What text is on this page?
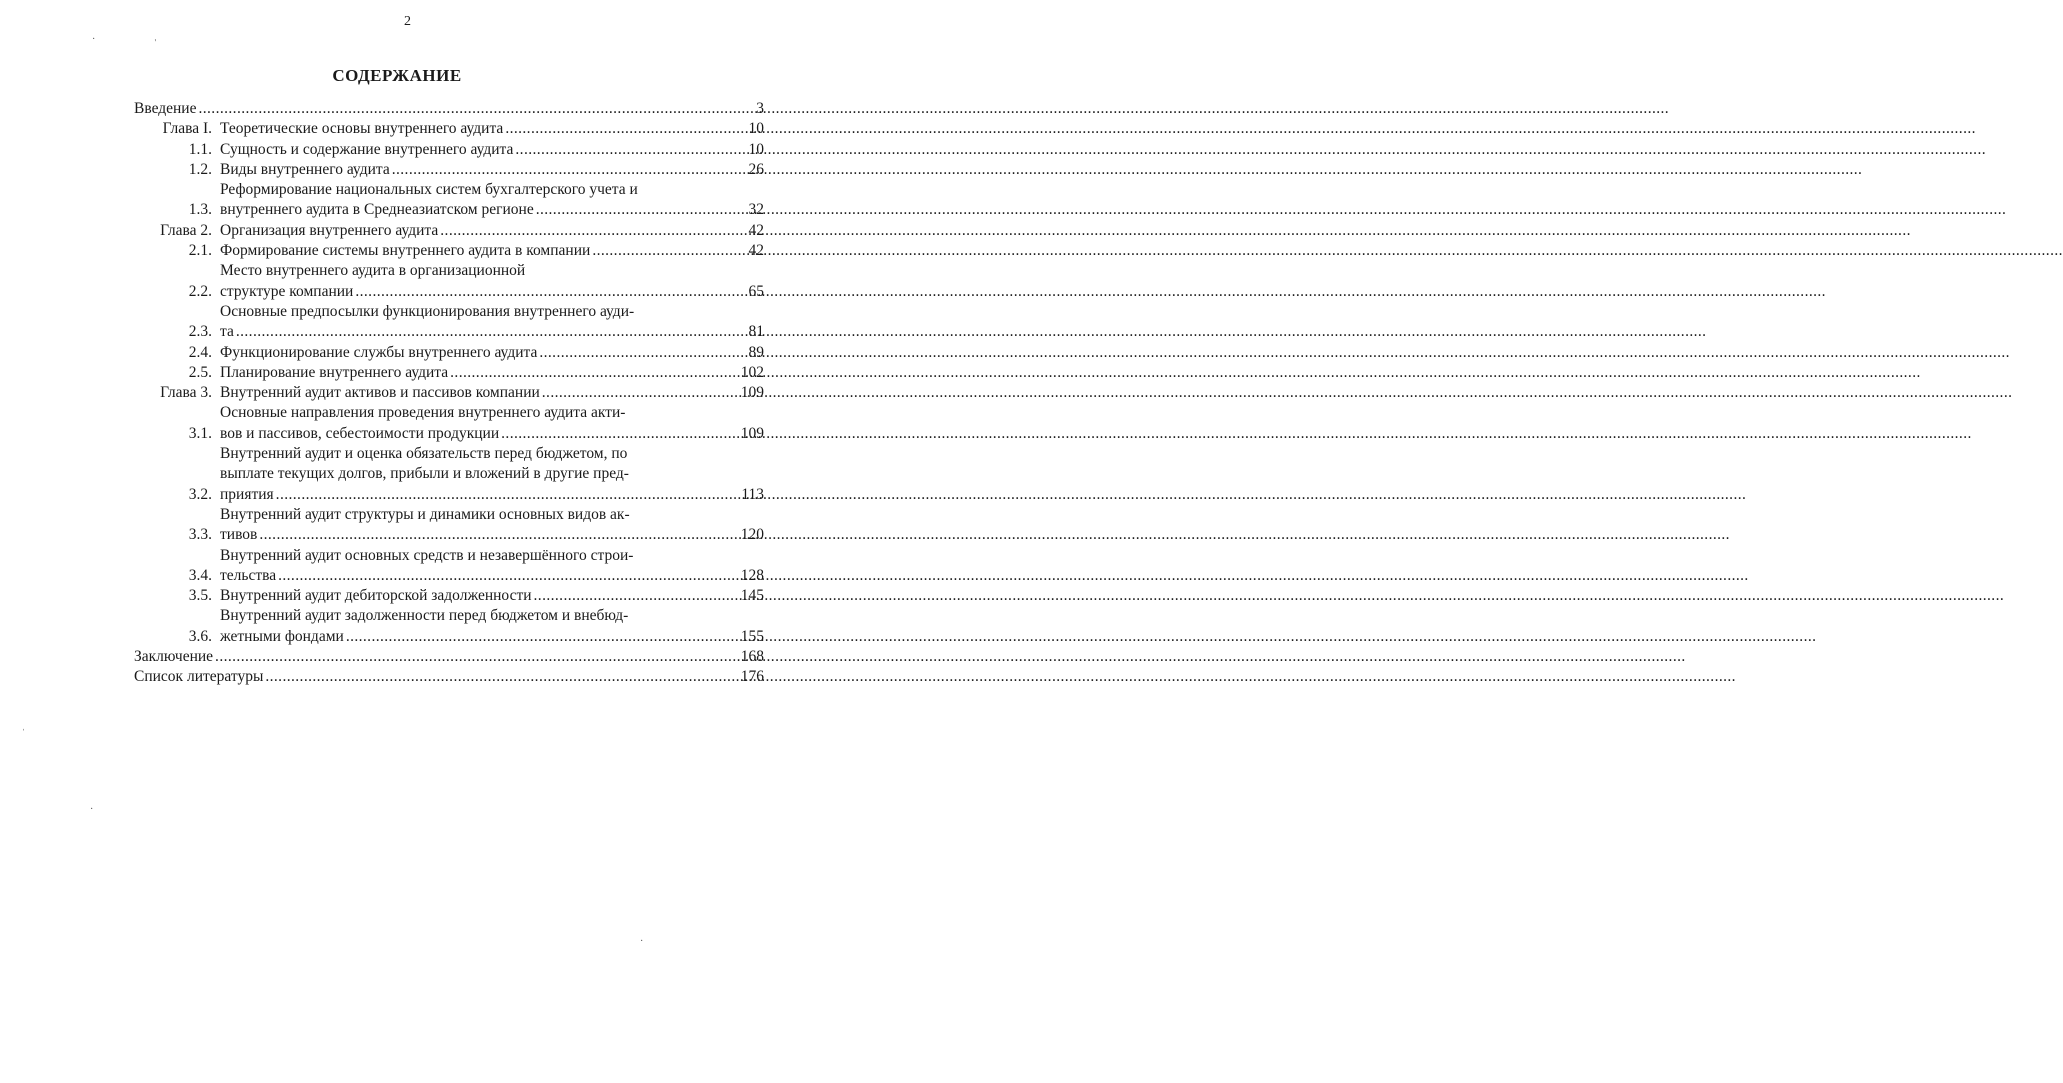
2
СОДЕРЖАНИЕ
Введение .....	3
Глава I. Теоретические основы внутреннего аудита .....	10
1.1. Сущность и содержание внутреннего аудита .....	10
1.2. Виды внутреннего аудита .....	26
1.3.
Реформирование национальных систем бухгалтерского учета и
внутреннего аудита в Среднеазиатском регионе .....	32
Глава 2. Организация внутреннего аудита .....	42
2.1. Формирование системы внутреннего аудита в компании .....	42
2.2.
Место внутреннего аудита в организационной
структуре компании .....	65
2.3.
Основные предпосылки функционирования внутреннего ауди-
та .....	81
2.4. Функционирование службы внутреннего аудита .....	89
2.5. Планирование внутреннего аудита .....	102
Глава 3. Внутренний аудит активов и пассивов компании .....	109
3.1.
Основные направления проведения внутреннего аудита акти-
вов и пассивов, себестоимости продукции .....	109
3.2.
Внутренний аудит и оценка обязательств перед бюджетом, по
выплате текущих долгов, прибыли и вложений в другие пред-
приятия .....	113
3.3.
Внутренний аудит структуры и динамики основных видов ак-
тивов .....	120
3.4.
Внутренний аудит основных средств и незавершённого строи-
тельства .....	128
3.5. Внутренний аудит дебиторской задолженности .....	145
3.6.
Внутренний аудит задолженности перед бюджетом и внебюд-
жетными фондами .....	155
Заключение .....	168
Список литературы .....	176
·	ˋ
ˈ
·
·
